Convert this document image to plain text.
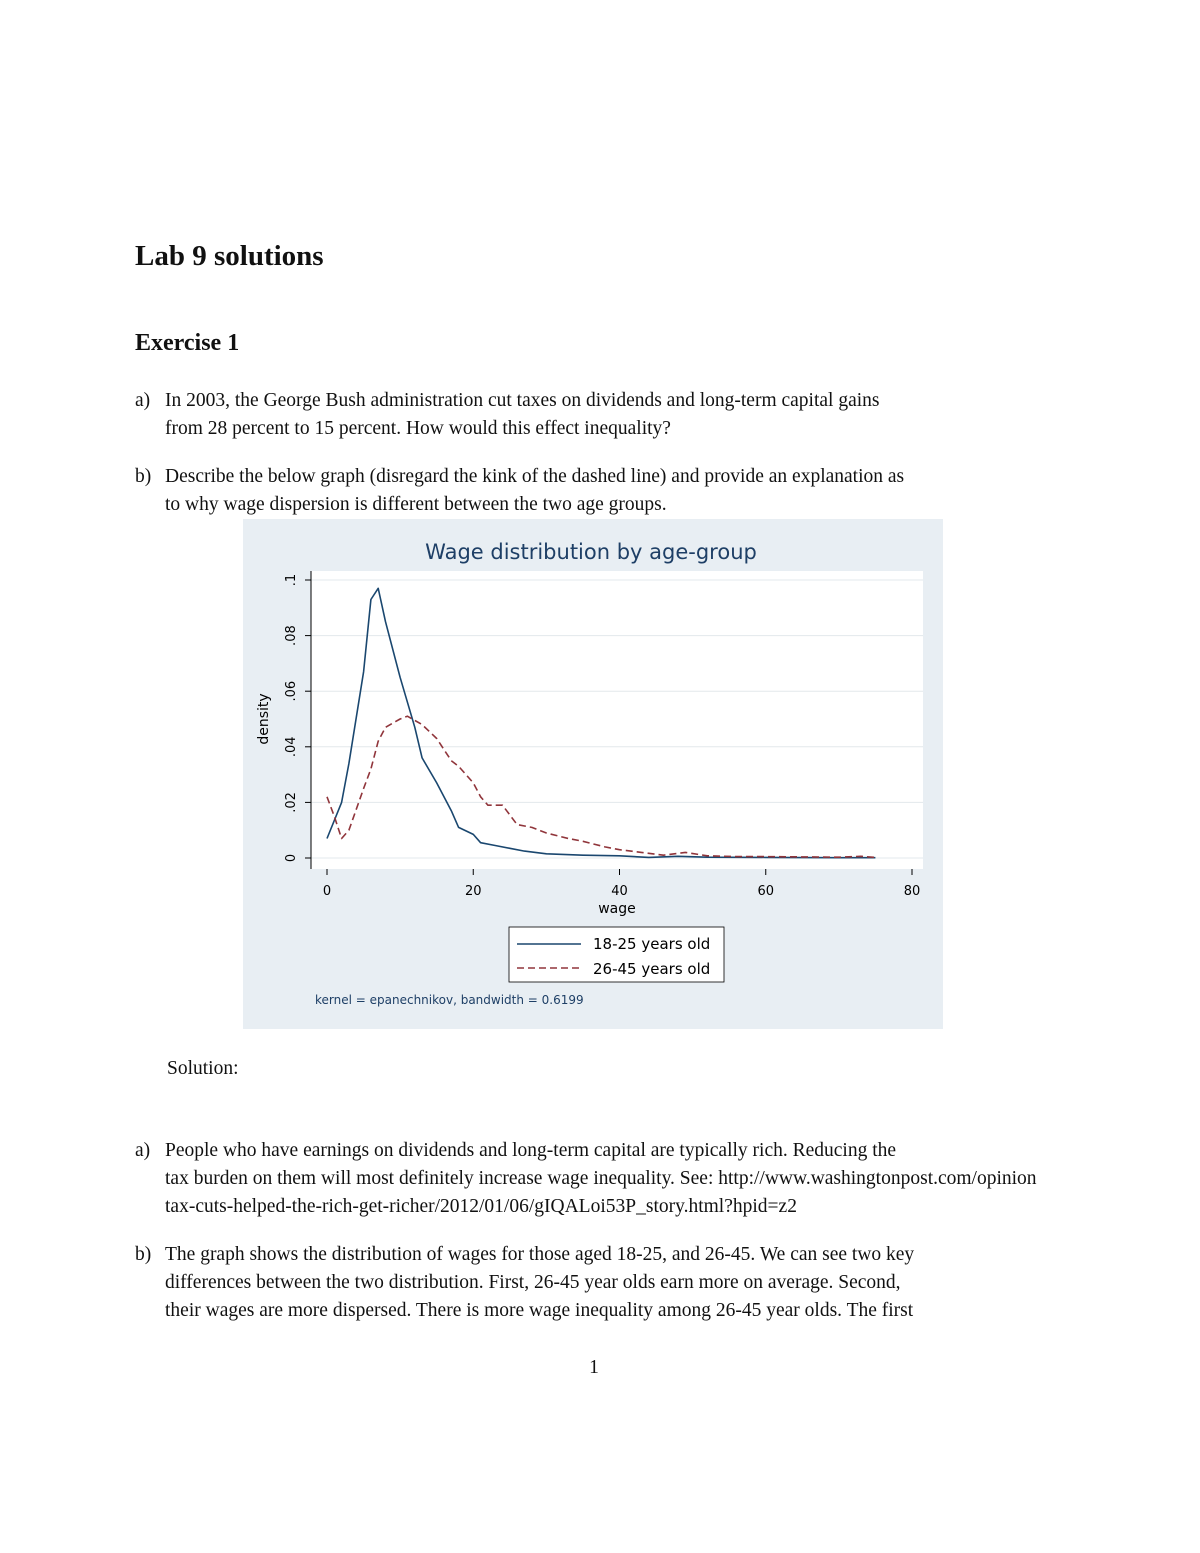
Lab 9 solutions
Exercise 1
a) In 2003, the George Bush administration cut taxes on dividends and long-term capital gains
from 28 percent to 15 percent. How would this effect inequality?
b) Describe the below graph (disregard the kink of the dashed line) and provide an explanation as
to why wage dispersion is different between the two age groups.
Wage distribution by age-group
0
.02
.04
.06
.08
.1
0	20	40	60	80
density
wage
18-25 years old
26-45 years old
kernel = epanechnikov, bandwidth = 0.6199
Solution:
a) People who have earnings on dividends and long-term capital are typically rich. Reducing the
tax burden on them will most definitely increase wage inequality. See: http://www.washingtonpost.com/opinion
tax-cuts-helped-the-rich-get-richer/2012/01/06/gIQALoi53P_story.html?hpid=z2
b) The graph shows the distribution of wages for those aged 18-25, and 26-45. We can see two key
differences between the two distribution. First, 26-45 year olds earn more on average. Second,
their wages are more dispersed. There is more wage inequality among 26-45 year olds. The first
1
